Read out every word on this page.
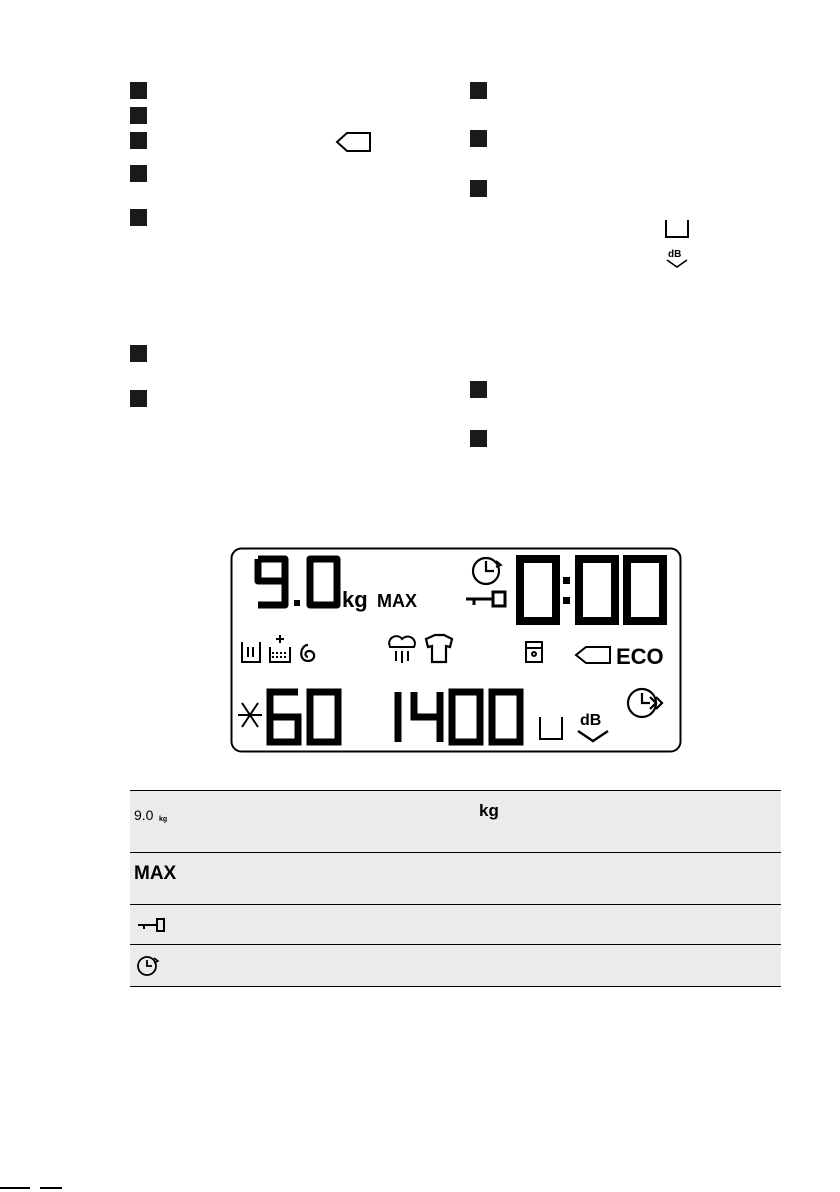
dB
kg MAX
ECO
dB
9.0 kg	kg
MAX
